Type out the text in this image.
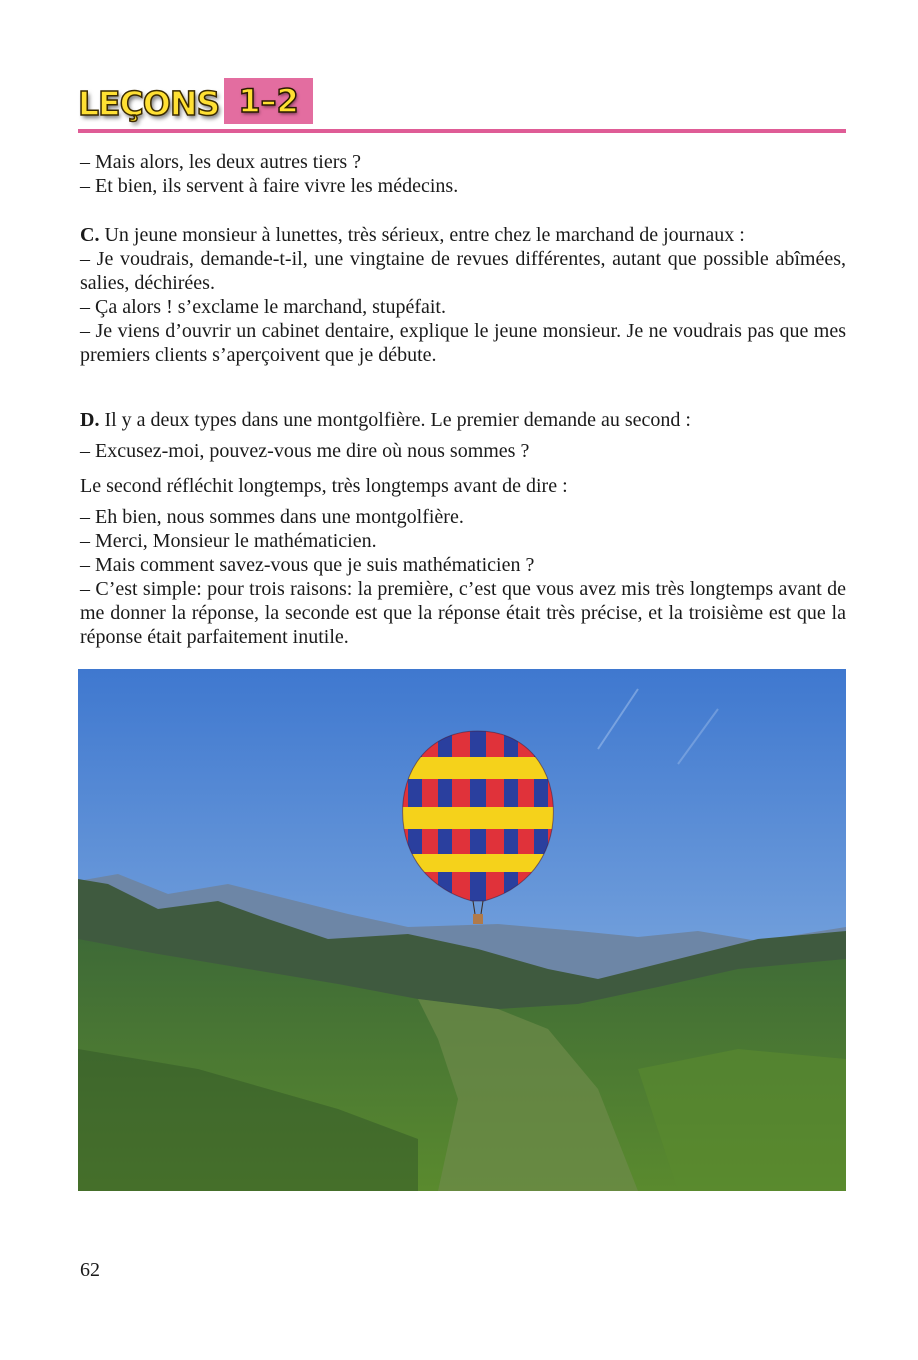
LEÇONS 1–2

– Mais alors, les deux autres tiers ?

– Et bien, ils servent à faire vivre les médecins.

C. Un jeune monsieur à lunettes, très sérieux, entre chez le marchand de journaux :

– Je voudrais, demande-t-il, une vingtaine de revues différentes, autant que possible abîmées, salies, déchirées.

– Ça alors ! s’exclame le marchand, stupéfait.

– Je viens d’ouvrir un cabinet dentaire, explique le jeune monsieur. Je ne voudrais pas que mes premiers clients s’aperçoivent que je débute.

D. Il y a deux types dans une montgolfière. Le premier demande au second :

– Excusez-moi, pouvez-vous me dire où nous sommes ?

Le second réfléchit longtemps, très longtemps avant de dire :

– Eh bien, nous sommes dans une montgolfière.

– Merci, Monsieur le mathématicien.

– Mais comment savez-vous que je suis mathématicien ?

– C’est simple: pour trois raisons: la première, c’est que vous avez mis très longtemps avant de me donner la réponse, la seconde est que la réponse était très précise, et la troisième est que la réponse était parfaitement inutile.

62
